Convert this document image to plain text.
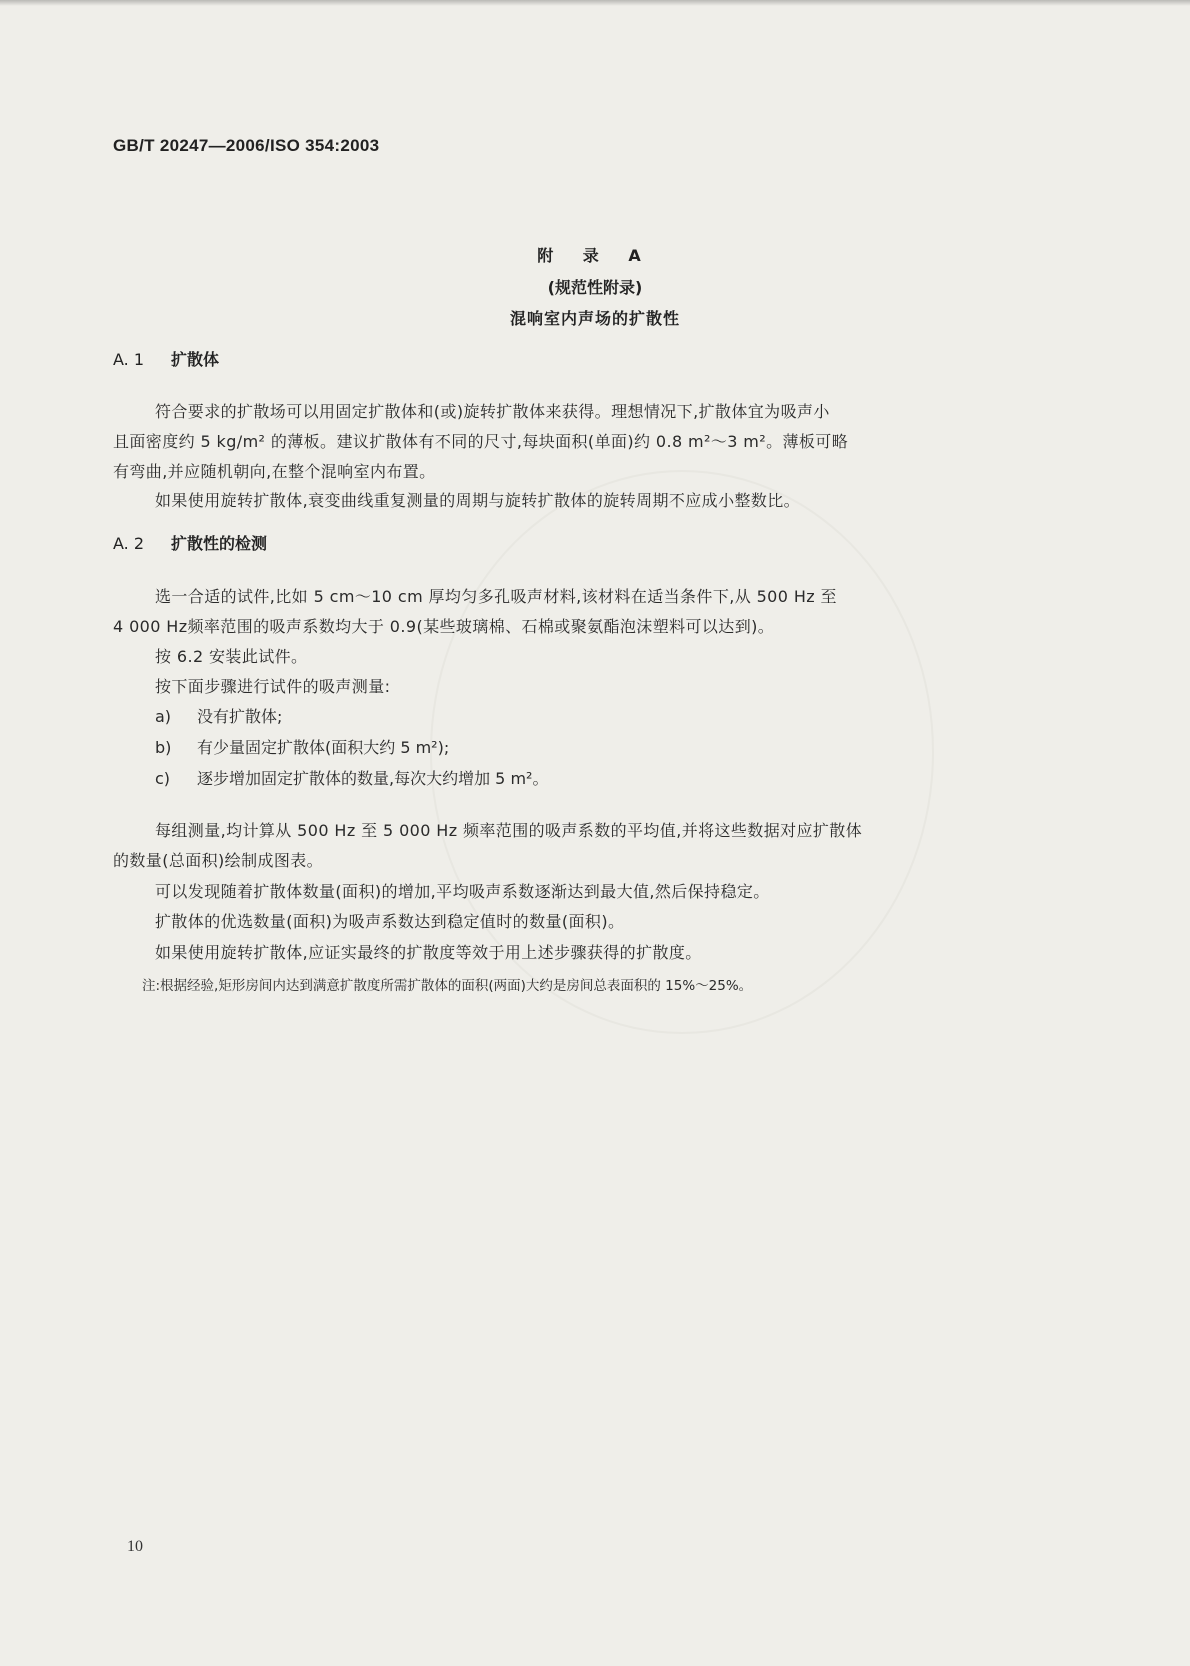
GB/T 20247—2006/ISO 354:2003
附 录 A
(规范性附录)
混响室内声场的扩散性
A. 1 扩散体
符合要求的扩散场可以用固定扩散体和(或)旋转扩散体来获得。理想情况下,扩散体宜为吸声小
且面密度约 5 kg/m² 的薄板。建议扩散体有不同的尺寸,每块面积(单面)约 0.8 m²～3 m²。薄板可略
有弯曲,并应随机朝向,在整个混响室内布置。
如果使用旋转扩散体,衰变曲线重复测量的周期与旋转扩散体的旋转周期不应成小整数比。
A. 2 扩散性的检测
选一合适的试件,比如 5 cm～10 cm 厚均匀多孔吸声材料,该材料在适当条件下,从 500 Hz 至
4 000 Hz频率范围的吸声系数均大于 0.9(某些玻璃棉、石棉或聚氨酯泡沫塑料可以达到)。
按 6.2 安装此试件。
按下面步骤进行试件的吸声测量:
a) 没有扩散体;
b) 有少量固定扩散体(面积大约 5 m²);
c) 逐步增加固定扩散体的数量,每次大约增加 5 m²。
每组测量,均计算从 500 Hz 至 5 000 Hz 频率范围的吸声系数的平均值,并将这些数据对应扩散体
的数量(总面积)绘制成图表。
可以发现随着扩散体数量(面积)的增加,平均吸声系数逐渐达到最大值,然后保持稳定。
扩散体的优选数量(面积)为吸声系数达到稳定值时的数量(面积)。
如果使用旋转扩散体,应证实最终的扩散度等效于用上述步骤获得的扩散度。
注:根据经验,矩形房间内达到满意扩散度所需扩散体的面积(两面)大约是房间总表面积的 15%～25%。
10
